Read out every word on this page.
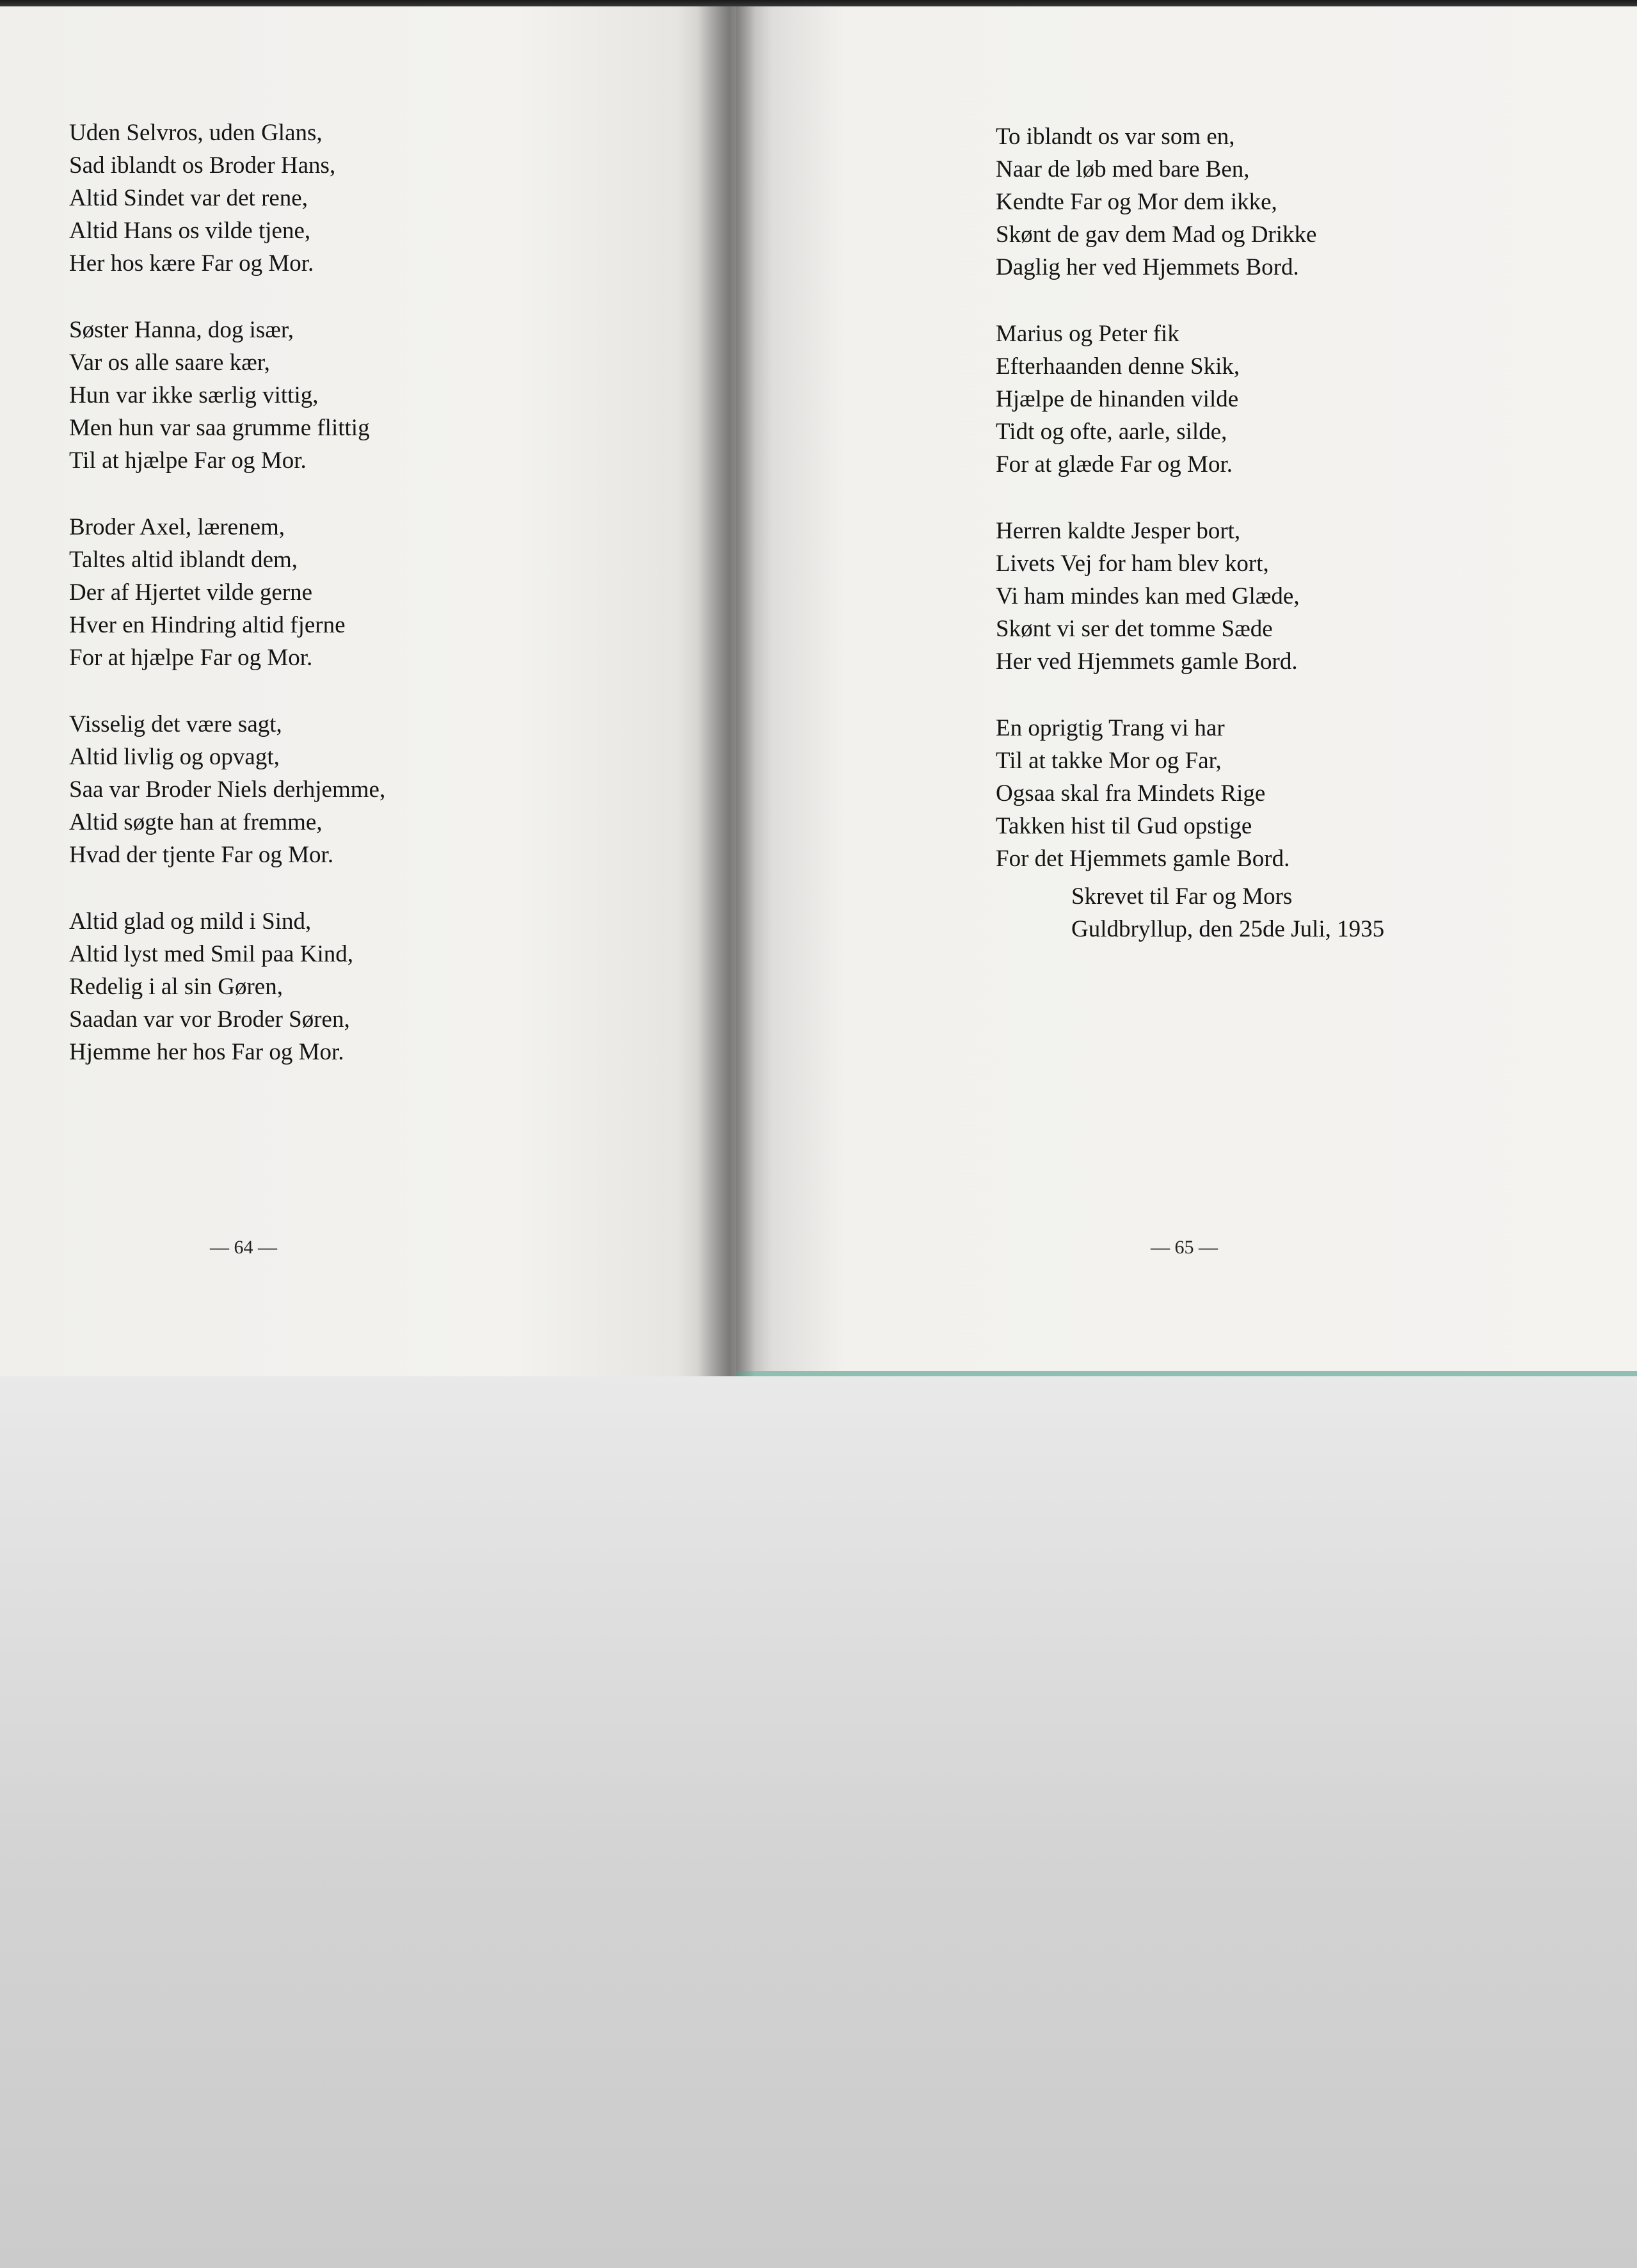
Uden Selvros, uden Glans,
Sad iblandt os Broder Hans,
Altid Sindet var det rene,
Altid Hans os vilde tjene,
Her hos kære Far og Mor.
Søster Hanna, dog især,
Var os alle saare kær,
Hun var ikke særlig vittig,
Men hun var saa grumme flittig
Til at hjælpe Far og Mor.
Broder Axel, lærenem,
Taltes altid iblandt dem,
Der af Hjertet vilde gerne
Hver en Hindring altid fjerne
For at hjælpe Far og Mor.
Visselig det være sagt,
Altid livlig og opvagt,
Saa var Broder Niels derhjemme,
Altid søgte han at fremme,
Hvad der tjente Far og Mor.
Altid glad og mild i Sind,
Altid lyst med Smil paa Kind,
Redelig i al sin Gøren,
Saadan var vor Broder Søren,
Hjemme her hos Far og Mor.
— 64 —
To iblandt os var som en,
Naar de løb med bare Ben,
Kendte Far og Mor dem ikke,
Skønt de gav dem Mad og Drikke
Daglig her ved Hjemmets Bord.
Marius og Peter fik
Efterhaanden denne Skik,
Hjælpe de hinanden vilde
Tidt og ofte, aarle, silde,
For at glæde Far og Mor.
Herren kaldte Jesper bort,
Livets Vej for ham blev kort,
Vi ham mindes kan med Glæde,
Skønt vi ser det tomme Sæde
Her ved Hjemmets gamle Bord.
En oprigtig Trang vi har
Til at takke Mor og Far,
Ogsaa skal fra Mindets Rige
Takken hist til Gud opstige
For det Hjemmets gamle Bord.
Skrevet til Far og Mors
Guldbryllup, den 25de Juli, 1935
— 65 —
